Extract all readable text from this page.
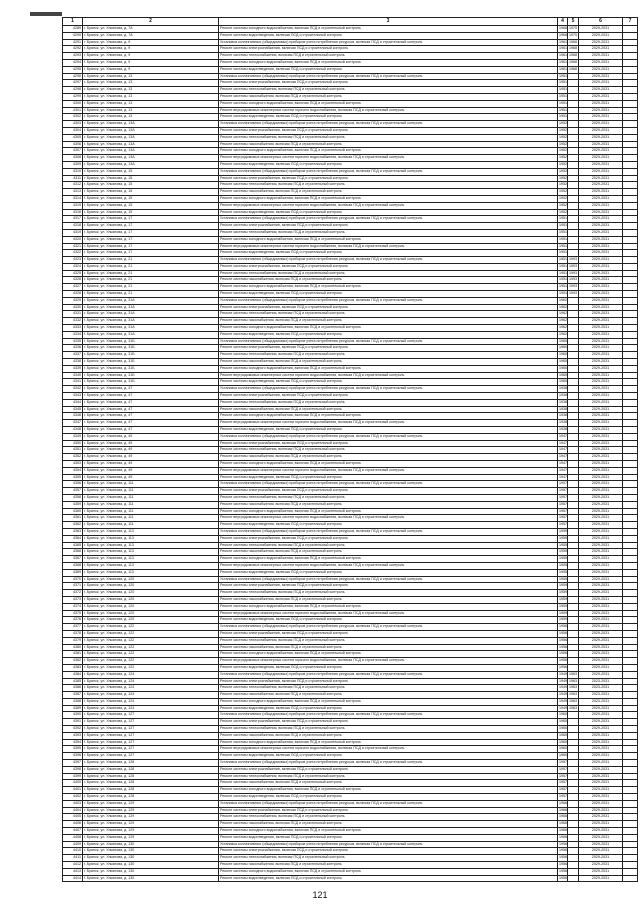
1	2	3	4	5	6	7
4289	г. Брянск, ул. Ульянова, д. 7А	Ремонт системы холодного водоснабжения, включая ПСД и строительный контроль	1968	1975	2029-2031	
4290	г. Брянск, ул. Ульянова, д. 7А	Ремонт системы водоотведения, включая ПСД и строительный контроль	1968	1975	2029-2031	
4291	г. Брянск, ул. Ульянова, д. 9	Установка коллективных (общедомовых) приборов учета потребления ресурсов, включая ПСД и строительный контроль	1961	1968	2029-2031	
4292	г. Брянск, ул. Ульянова, д. 9	Ремонт системы электроснабжения, включая ПСД и строительный контроль	1961	1968	2029-2031	
4293	г. Брянск, ул. Ульянова, д. 9	Ремонт системы теплоснабжения, включая ПСД и строительный контроль	1961	1968	2029-2031	
4294	г. Брянск, ул. Ульянова, д. 9	Ремонт системы холодного водоснабжения, включая ПСД и строительный контроль	1961	1968	2029-2031	
4295	г. Брянск, ул. Ульянова, д. 9	Ремонт системы водоотведения, включая ПСД и строительный контроль	1961	1968	2029-2031	
4296	г. Брянск, ул. Ульянова, д. 13	Установка коллективных (общедомовых) приборов учета потребления ресурсов, включая ПСД и строительный контроль	1951		2029-2031	
4297	г. Брянск, ул. Ульянова, д. 13	Ремонт системы электроснабжения, включая ПСД и строительный контроль	1951		2029-2031	
4298	г. Брянск, ул. Ульянова, д. 13	Ремонт системы теплоснабжения, включая ПСД и строительный контроль	1951		2029-2031	
4299	г. Брянск, ул. Ульянова, д. 13	Ремонт системы газоснабжения, включая ПСД и строительный контроль	1951		2029-2031	
4300	г. Брянск, ул. Ульянова, д. 13	Ремонт системы холодного водоснабжения, включая ПСД и строительный контроль	1951		2029-2031	
4301	г. Брянск, ул. Ульянова, д. 13	Ремонт внутридомовых инженерных систем горячего водоснабжения, включая ПСД и строительный контроль	1951		2029-2031	
4302	г. Брянск, ул. Ульянова, д. 13	Ремонт системы водоотведения, включая ПСД и строительный контроль	1951		2029-2031	
4303	г. Брянск, ул. Ульянова, д. 13А	Установка коллективных (общедомовых) приборов учета потребления ресурсов, включая ПСД и строительный контроль	1952		2029-2031	
4304	г. Брянск, ул. Ульянова, д. 13А	Ремонт системы электроснабжения, включая ПСД и строительный контроль	1952		2029-2031	
4305	г. Брянск, ул. Ульянова, д. 13А	Ремонт системы теплоснабжения, включая ПСД и строительный контроль	1952		2029-2031	
4306	г. Брянск, ул. Ульянова, д. 13А	Ремонт системы газоснабжения, включая ПСД и строительный контроль	1952		2029-2031	
4307	г. Брянск, ул. Ульянова, д. 13А	Ремонт системы холодного водоснабжения, включая ПСД и строительный контроль	1952		2029-2031	
4308	г. Брянск, ул. Ульянова, д. 13А	Ремонт внутридомовых инженерных систем горячего водоснабжения, включая ПСД и строительный контроль	1952		2029-2031	
4309	г. Брянск, ул. Ульянова, д. 13А	Ремонт системы водоотведения, включая ПСД и строительный контроль	1952		2029-2031	
4310	г. Брянск, ул. Ульянова, д. 15	Установка коллективных (общедомовых) приборов учета потребления ресурсов, включая ПСД и строительный контроль	1952		2029-2031	
4311	г. Брянск, ул. Ульянова, д. 15	Ремонт системы электроснабжения, включая ПСД и строительный контроль	1952		2029-2031	
4312	г. Брянск, ул. Ульянова, д. 15	Ремонт системы теплоснабжения, включая ПСД и строительный контроль	1952		2029-2031	
4313	г. Брянск, ул. Ульянова, д. 15	Ремонт системы газоснабжения, включая ПСД и строительный контроль	1952		2029-2031	
4314	г. Брянск, ул. Ульянова, д. 15	Ремонт системы холодного водоснабжения, включая ПСД и строительный контроль	1952		2029-2031	
4315	г. Брянск, ул. Ульянова, д. 15	Ремонт внутридомовых инженерных систем горячего водоснабжения, включая ПСД и строительный контроль	1952		2029-2031	
4316	г. Брянск, ул. Ульянова, д. 15	Ремонт системы водоотведения, включая ПСД и строительный контроль	1952		2029-2031	
4317	г. Брянск, ул. Ульянова, д. 17	Установка коллективных (общедомовых) приборов учета потребления ресурсов, включая ПСД и строительный контроль	1951		2029-2031	
4318	г. Брянск, ул. Ульянова, д. 17	Ремонт системы электроснабжения, включая ПСД и строительный контроль	1951		2029-2031	
4319	г. Брянск, ул. Ульянова, д. 17	Ремонт системы теплоснабжения, включая ПСД и строительный контроль	1951		2029-2031	
4320	г. Брянск, ул. Ульянова, д. 17	Ремонт системы холодного водоснабжения, включая ПСД и строительный контроль	1951		2029-2031	
4321	г. Брянск, ул. Ульянова, д. 17	Ремонт внутридомовых инженерных систем горячего водоснабжения, включая ПСД и строительный контроль	1951		2029-2031	
4322	г. Брянск, ул. Ульянова, д. 17	Ремонт системы водоотведения, включая ПСД и строительный контроль	1951		2029-2031	
4323	г. Брянск, ул. Ульянова, д. 21	Установка коллективных (общедомовых) приборов учета потребления ресурсов, включая ПСД и строительный контроль	1951	1993	2029-2031	
4324	г. Брянск, ул. Ульянова, д. 21	Ремонт системы электроснабжения, включая ПСД и строительный контроль	1951	1993	2029-2031	
4325	г. Брянск, ул. Ульянова, д. 21	Ремонт системы теплоснабжения, включая ПСД и строительный контроль	1951	1993	2029-2031	
4326	г. Брянск, ул. Ульянова, д. 21	Ремонт системы газоснабжения, включая ПСД и строительный контроль	1951	1993	2029-2031	
4327	г. Брянск, ул. Ульянова, д. 21	Ремонт системы холодного водоснабжения, включая ПСД и строительный контроль	1951	1993	2029-2031	
4328	г. Брянск, ул. Ульянова, д. 21	Ремонт системы водоотведения, включая ПСД и строительный контроль	1951	1993	2029-2031	
4329	г. Брянск, ул. Ульянова, д. 31А	Установка коллективных (общедомовых) приборов учета потребления ресурсов, включая ПСД и строительный контроль	1962		2029-2031	
4330	г. Брянск, ул. Ульянова, д. 31А	Ремонт системы электроснабжения, включая ПСД и строительный контроль	1962		2029-2031	
4331	г. Брянск, ул. Ульянова, д. 31А	Ремонт системы теплоснабжения, включая ПСД и строительный контроль	1962		2029-2031	
4332	г. Брянск, ул. Ульянова, д. 31А	Ремонт системы газоснабжения, включая ПСД и строительный контроль	1962		2029-2031	
4333	г. Брянск, ул. Ульянова, д. 31А	Ремонт системы холодного водоснабжения, включая ПСД и строительный контроль	1962		2029-2031	
4334	г. Брянск, ул. Ульянова, д. 31А	Ремонт системы водоотведения, включая ПСД и строительный контроль	1962		2029-2031	
4335	г. Брянск, ул. Ульянова, д. 31Б	Установка коллективных (общедомовых) приборов учета потребления ресурсов, включая ПСД и строительный контроль	1960		2029-2031	
4336	г. Брянск, ул. Ульянова, д. 31Б	Ремонт системы электроснабжения, включая ПСД и строительный контроль	1960		2029-2031	
4337	г. Брянск, ул. Ульянова, д. 31Б	Ремонт системы теплоснабжения, включая ПСД и строительный контроль	1960		2029-2031	
4338	г. Брянск, ул. Ульянова, д. 31Б	Ремонт системы газоснабжения, включая ПСД и строительный контроль	1960		2029-2031	
4339	г. Брянск, ул. Ульянова, д. 31Б	Ремонт системы холодного водоснабжения, включая ПСД и строительный контроль	1960		2029-2031	
4340	г. Брянск, ул. Ульянова, д. 31Б	Ремонт внутридомовых инженерных систем горячего водоснабжения, включая ПСД и строительный контроль	1960		2029-2031	
4341	г. Брянск, ул. Ульянова, д. 31Б	Ремонт системы водоотведения, включая ПСД и строительный контроль	1960		2029-2031	
4342	г. Брянск, ул. Ульянова, д. 47	Установка коллективных (общедомовых) приборов учета потребления ресурсов, включая ПСД и строительный контроль	1938		2029-2031	
4343	г. Брянск, ул. Ульянова, д. 47	Ремонт системы электроснабжения, включая ПСД и строительный контроль	1938		2029-2031	
4344	г. Брянск, ул. Ульянова, д. 47	Ремонт системы теплоснабжения, включая ПСД и строительный контроль	1938		2029-2031	
4345	г. Брянск, ул. Ульянова, д. 47	Ремонт системы газоснабжения, включая ПСД и строительный контроль	1938		2029-2031	
4346	г. Брянск, ул. Ульянова, д. 47	Ремонт системы холодного водоснабжения, включая ПСД и строительный контроль	1938		2029-2031	
4347	г. Брянск, ул. Ульянова, д. 47	Ремонт внутридомовых инженерных систем горячего водоснабжения, включая ПСД и строительный контроль	1938		2029-2031	
4348	г. Брянск, ул. Ульянова, д. 47	Ремонт системы водоотведения, включая ПСД и строительный контроль	1938		2029-2031	
4349	г. Брянск, ул. Ульянова, д. 49	Установка коллективных (общедомовых) приборов учета потребления ресурсов, включая ПСД и строительный контроль	1947		2029-2031	
4350	г. Брянск, ул. Ульянова, д. 49	Ремонт системы электроснабжения, включая ПСД и строительный контроль	1947		2029-2031	
4351	г. Брянск, ул. Ульянова, д. 49	Ремонт системы теплоснабжения, включая ПСД и строительный контроль	1947		2029-2031	
4352	г. Брянск, ул. Ульянова, д. 49	Ремонт системы газоснабжения, включая ПСД и строительный контроль	1947		2029-2031	
4353	г. Брянск, ул. Ульянова, д. 49	Ремонт системы холодного водоснабжения, включая ПСД и строительный контроль	1947		2029-2031	
4354	г. Брянск, ул. Ульянова, д. 49	Ремонт внутридомовых инженерных систем горячего водоснабжения, включая ПСД и строительный контроль	1947		2029-2031	
4355	г. Брянск, ул. Ульянова, д. 49	Ремонт системы водоотведения, включая ПСД и строительный контроль	1947		2029-2031	
4356	г. Брянск, ул. Ульянова, д. 111	Установка коллективных (общедомовых) приборов учета потребления ресурсов, включая ПСД и строительный контроль	1957		2029-2031	
4357	г. Брянск, ул. Ульянова, д. 111	Ремонт системы электроснабжения, включая ПСД и строительный контроль	1957		2029-2031	
4358	г. Брянск, ул. Ульянова, д. 111	Ремонт системы теплоснабжения, включая ПСД и строительный контроль	1957		2029-2031	
4359	г. Брянск, ул. Ульянова, д. 111	Ремонт системы газоснабжения, включая ПСД и строительный контроль	1957		2029-2031	
4360	г. Брянск, ул. Ульянова, д. 111	Ремонт системы холодного водоснабжения, включая ПСД и строительный контроль	1957		2029-2031	
4361	г. Брянск, ул. Ульянова, д. 111	Ремонт внутридомовых инженерных систем горячего водоснабжения, включая ПСД и строительный контроль	1957		2029-2031	
4362	г. Брянск, ул. Ульянова, д. 111	Ремонт системы водоотведения, включая ПСД и строительный контроль	1957		2029-2031	
4363	г. Брянск, ул. Ульянова, д. 113	Установка коллективных (общедомовых) приборов учета потребления ресурсов, включая ПСД и строительный контроль	1955		2029-2031	
4364	г. Брянск, ул. Ульянова, д. 113	Ремонт системы электроснабжения, включая ПСД и строительный контроль	1955		2029-2031	
4365	г. Брянск, ул. Ульянова, д. 113	Ремонт системы теплоснабжения, включая ПСД и строительный контроль	1955		2029-2031	
4366	г. Брянск, ул. Ульянова, д. 113	Ремонт системы газоснабжения, включая ПСД и строительный контроль	1955		2029-2031	
4367	г. Брянск, ул. Ульянова, д. 113	Ремонт системы холодного водоснабжения, включая ПСД и строительный контроль	1955		2029-2031	
4368	г. Брянск, ул. Ульянова, д. 113	Ремонт внутридомовых инженерных систем горячего водоснабжения, включая ПСД и строительный контроль	1955		2029-2031	
4369	г. Брянск, ул. Ульянова, д. 113	Ремонт системы водоотведения, включая ПСД и строительный контроль	1955		2029-2031	
4370	г. Брянск, ул. Ульянова, д. 120	Установка коллективных (общедомовых) приборов учета потребления ресурсов, включая ПСД и строительный контроль	1959		2029-2031	
4371	г. Брянск, ул. Ульянова, д. 120	Ремонт системы электроснабжения, включая ПСД и строительный контроль	1959		2029-2031	
4372	г. Брянск, ул. Ульянова, д. 120	Ремонт системы теплоснабжения, включая ПСД и строительный контроль	1959		2029-2031	
4373	г. Брянск, ул. Ульянова, д. 120	Ремонт системы газоснабжения, включая ПСД и строительный контроль	1959		2029-2031	
4374	г. Брянск, ул. Ульянова, д. 120	Ремонт системы холодного водоснабжения, включая ПСД и строительный контроль	1959		2029-2031	
4375	г. Брянск, ул. Ульянова, д. 120	Ремонт внутридомовых инженерных систем горячего водоснабжения, включая ПСД и строительный контроль	1959		2029-2031	
4376	г. Брянск, ул. Ульянова, д. 120	Ремонт системы водоотведения, включая ПСД и строительный контроль	1959		2029-2031	
4377	г. Брянск, ул. Ульянова, д. 122	Установка коллективных (общедомовых) приборов учета потребления ресурсов, включая ПСД и строительный контроль	1956		2029-2031	
4378	г. Брянск, ул. Ульянова, д. 122	Ремонт системы электроснабжения, включая ПСД и строительный контроль	1956		2029-2031	
4379	г. Брянск, ул. Ульянова, д. 122	Ремонт системы теплоснабжения, включая ПСД и строительный контроль	1956		2029-2031	
4380	г. Брянск, ул. Ульянова, д. 122	Ремонт системы газоснабжения, включая ПСД и строительный контроль	1956		2029-2031	
4381	г. Брянск, ул. Ульянова, д. 122	Ремонт системы холодного водоснабжения, включая ПСД и строительный контроль	1956		2029-2031	
4382	г. Брянск, ул. Ульянова, д. 122	Ремонт внутридомовых инженерных систем горячего водоснабжения, включая ПСД и строительный контроль	1956		2029-2031	
4383	г. Брянск, ул. Ульянова, д. 122	Ремонт системы водоотведения, включая ПСД и строительный контроль	1956		2029-2031	
4384	г. Брянск, ул. Ульянова, д. 124	Установка коллективных (общедомовых) приборов учета потребления ресурсов, включая ПСД и строительный контроль	1949	1963	2029-2031	
4385	г. Брянск, ул. Ульянова, д. 124	Ремонт системы электроснабжения, включая ПСД и строительный контроль	1949	1963	2023-2031	
4386	г. Брянск, ул. Ульянова, д. 124	Ремонт системы теплоснабжения, включая ПСД и строительный контроль	1949	1963	2023-2031	
4387	г. Брянск, ул. Ульянова, д. 124	Ремонт системы газоснабжения, включая ПСД и строительный контроль	1949	1963	2023-2031	
4388	г. Брянск, ул. Ульянова, д. 124	Ремонт системы холодного водоснабжения, включая ПСД и строительный контроль	1949	1963	2023-2031	
4389	г. Брянск, ул. Ульянова, д. 124	Ремонт системы водоотведения, включая ПСД и строительный контроль	1949	1963	2029-2031	
4390	г. Брянск, ул. Ульянова, д. 127	Установка коллективных (общедомовых) приборов учета потребления ресурсов, включая ПСД и строительный контроль	1960		2029-2031	
4391	г. Брянск, ул. Ульянова, д. 127	Ремонт системы электроснабжения, включая ПСД и строительный контроль	1960		2029-2031	
4392	г. Брянск, ул. Ульянова, д. 127	Ремонт системы теплоснабжения, включая ПСД и строительный контроль	1960		2029-2031	
4393	г. Брянск, ул. Ульянова, д. 127	Ремонт системы газоснабжения, включая ПСД и строительный контроль	1960		2029-2031	
4394	г. Брянск, ул. Ульянова, д. 127	Ремонт системы холодного водоснабжения, включая ПСД и строительный контроль	1960		2029-2031	
4395	г. Брянск, ул. Ульянова, д. 127	Ремонт внутридомовых инженерных систем горячего водоснабжения, включая ПСД и строительный контроль	1960		2029-2031	
4396	г. Брянск, ул. Ульянова, д. 127	Ремонт системы водоотведения, включая ПСД и строительный контроль	1960		2029-2031	
4397	г. Брянск, ул. Ульянова, д. 128	Установка коллективных (общедомовых) приборов учета потребления ресурсов, включая ПСД и строительный контроль	1957		2029-2031	
4398	г. Брянск, ул. Ульянова, д. 128	Ремонт системы электроснабжения, включая ПСД и строительный контроль	1957		2029-2031	
4399	г. Брянск, ул. Ульянова, д. 128	Ремонт системы теплоснабжения, включая ПСД и строительный контроль	1957		2029-2031	
4400	г. Брянск, ул. Ульянова, д. 128	Ремонт системы газоснабжения, включая ПСД и строительный контроль	1957		2029-2031	
4401	г. Брянск, ул. Ульянова, д. 128	Ремонт системы холодного водоснабжения, включая ПСД и строительный контроль	1957		2029-2031	
4402	г. Брянск, ул. Ульянова, д. 128	Ремонт системы водоотведения, включая ПСД и строительный контроль	1957		2029-2031	
4403	г. Брянск, ул. Ульянова, д. 129	Установка коллективных (общедомовых) приборов учета потребления ресурсов, включая ПСД и строительный контроль	1966		2029-2031	
4404	г. Брянск, ул. Ульянова, д. 129	Ремонт системы электроснабжения, включая ПСД и строительный контроль	1966		2029-2031	
4405	г. Брянск, ул. Ульянова, д. 129	Ремонт системы теплоснабжения, включая ПСД и строительный контроль	1966		2029-2031	
4406	г. Брянск, ул. Ульянова, д. 129	Ремонт системы газоснабжения, включая ПСД и строительный контроль	1966		2029-2031	
4407	г. Брянск, ул. Ульянова, д. 129	Ремонт системы холодного водоснабжения, включая ПСД и строительный контроль	1966		2029-2031	
4408	г. Брянск, ул. Ульянова, д. 129	Ремонт системы водоотведения, включая ПСД и строительный контроль	1966		2029-2031	
4409	г. Брянск, ул. Ульянова, д. 130	Установка коллективных (общедомовых) приборов учета потребления ресурсов, включая ПСД и строительный контроль	1956		2029-2031	
4410	г. Брянск, ул. Ульянова, д. 130	Ремонт системы электроснабжения, включая ПСД и строительный контроль	1956		2029-2031	
4411	г. Брянск, ул. Ульянова, д. 130	Ремонт системы теплоснабжения, включая ПСД и строительный контроль	1956		2029-2031	
4412	г. Брянск, ул. Ульянова, д. 130	Ремонт системы газоснабжения, включая ПСД и строительный контроль	1956		2029-2031	
4413	г. Брянск, ул. Ульянова, д. 130	Ремонт системы холодного водоснабжения, включая ПСД и строительный контроль	1956		2029-2031	
4414	г. Брянск, ул. Ульянова, д. 130	Ремонт системы водоотведения, включая ПСД и строительный контроль	1956		2029-2031	
121
